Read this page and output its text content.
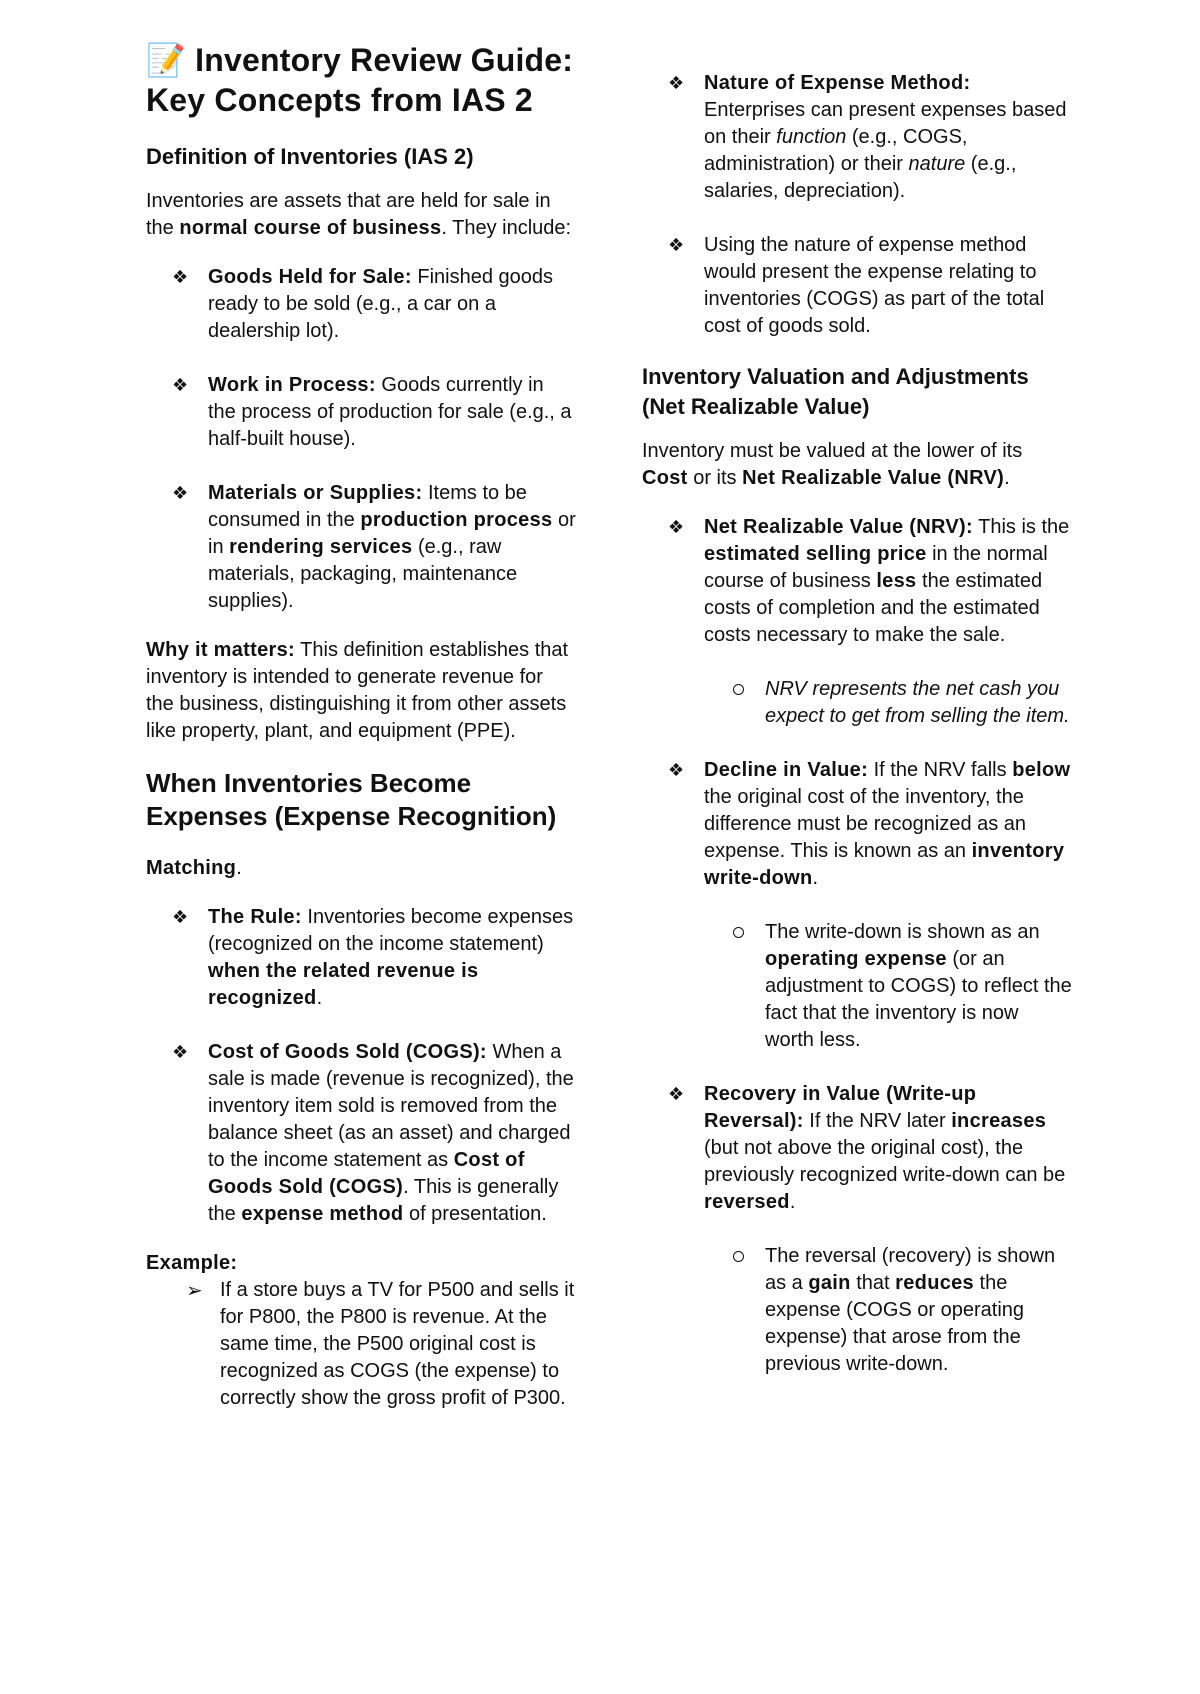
📝 Inventory Review Guide: Key Concepts from IAS 2
Definition of Inventories (IAS 2)

Inventories are assets that are held for sale in the normal course of business. They include:

❖ Goods Held for Sale: Finished goods ready to be sold (e.g., a car on a dealership lot).
❖ Work in Process: Goods currently in the process of production for sale (e.g., a half-built house).
❖ Materials or Supplies: Items to be consumed in the production process or in rendering services (e.g., raw materials, packaging, maintenance supplies).

Why it matters: This definition establishes that inventory is intended to generate revenue for the business, distinguishing it from other assets like property, plant, and equipment (PPE).

When Inventories Become Expenses (Expense Recognition)

Matching.

❖ The Rule: Inventories become expenses (recognized on the income statement) when the related revenue is recognized.
❖ Cost of Goods Sold (COGS): When a sale is made (revenue is recognized), the inventory item sold is removed from the balance sheet (as an asset) and charged to the income statement as Cost of Goods Sold (COGS). This is generally the expense method of presentation.

Example:

➢ If a store buys a TV for P500 and sells it for P800, the P800 is revenue. At the same time, the P500 original cost is recognized as COGS (the expense) to correctly show the gross profit of P300.
❖ Nature of Expense Method: Enterprises can present expenses based on their function (e.g., COGS, administration) or their nature (e.g., salaries, depreciation).
❖ Using the nature of expense method would present the expense relating to inventories (COGS) as part of the total cost of goods sold.
Inventory Valuation and Adjustments (Net Realizable Value)

Inventory must be valued at the lower of its Cost or its Net Realizable Value (NRV).

❖ Net Realizable Value (NRV): This is the estimated selling price in the normal course of business less the estimated costs of completion and the estimated costs necessary to make the sale.
NRV represents the net cash you expect to get from selling the item.
❖ Decline in Value: If the NRV falls below the original cost of the inventory, the difference must be recognized as an expense. This is known as an inventory write-down.
The write-down is shown as an operating expense (or an adjustment to COGS) to reflect the fact that the inventory is now worth less.
❖ Recovery in Value (Write-up Reversal): If the NRV later increases (but not above the original cost), the previously recognized write-down can be reversed.
The reversal (recovery) is shown as a gain that reduces the expense (COGS or operating expense) that arose from the previous write-down.
